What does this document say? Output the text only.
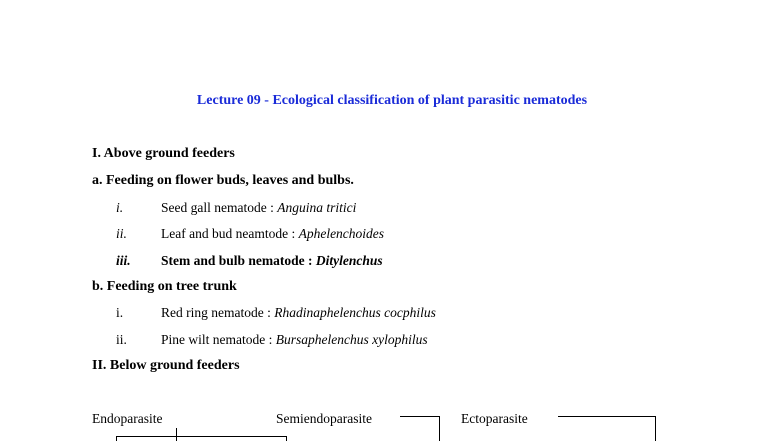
Lecture 09 - Ecological classification of plant parasitic nematodes
I. Above ground feeders
a. Feeding on flower buds, leaves and bulbs.
i.	Seed gall nematode : Anguina tritici
ii.	Leaf and bud neamtode : Aphelenchoides
iii. Stem and bulb nematode : Ditylenchus
b. Feeding on tree trunk
i.	Red ring nematode : Rhadinaphelenchus cocphilus
ii.	Pine wilt nematode : Bursaphelenchus xylophilus
II. Below ground feeders
Endoparasite	Semiendoparasite	Ectoparasite
